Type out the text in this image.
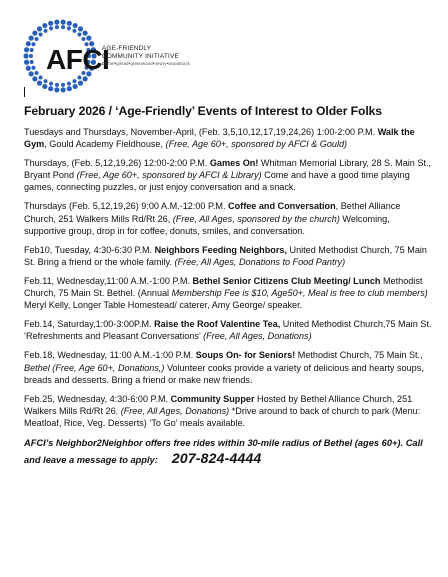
AFCI
AGE-FRIENDLY
COMMUNITY INITIATIVE
bethel•gilead•greenwood•newry•woodstock
February 2026 / ‘Age-Friendly’ Events of Interest to Older Folks
Tuesdays and Thursdays, November-April, (Feb. 3,5,10,12,17,19,24,26) 1:00-2:00 P.M. Walk the Gym, Gould Academy Fieldhouse, (Free, Age 60+, sponsored by AFCI & Gould)
Thursdays, (Feb. 5,12,19,26) 12:00-2:00 P.M. Games On! Whitman Memorial Library, 28 S. Main St., Bryant Pond (Free, Age 60+, sponsored by AFCI & Library) Come and have a good time playing games, connecting puzzles, or just enjoy conversation and a snack.
Thursdays (Feb. 5,12,19,26) 9:00 A.M.-12:00 P.M. Coffee and Conversation, Bethel Alliance Church, 251 Walkers Mills Rd/Rt 26, (Free, All Ages, sponsored by the church) Welcoming, supportive group, drop in for coffee, donuts, smiles, and conversation.
Feb10, Tuesday, 4:30-6:30 P.M. Neighbors Feeding Neighbors, United Methodist Church, 75 Main St. Bring a friend or the whole family. (Free, All Ages, Donations to Food Pantry)
Feb.11, Wednesday,11:00 A.M.-1:00 P.M. Bethel Senior Citizens Club Meeting/ Lunch Methodist Church, 75 Main St. Bethel. (Annual Membership Fee is $10, Age50+, Meal is free to club members) Meryl Kelly, Longer Table Homestead/ caterer, Amy George/ speaker.
Feb.14, Saturday,1:00-3:00P.M. Raise the Roof Valentine Tea, United Methodist Church,75 Main St. ‘Refreshments and Pleasant Conversations’ (Free, All Ages, Donations)
Feb.18, Wednesday, 11:00 A.M.-1:00 P.M. Soups On- for Seniors! Methodist Church, 75 Main St., Bethel (Free, Age 60+, Donations,) Volunteer cooks provide a variety of delicious and hearty soups, breads and desserts. Bring a friend or make new friends.
Feb.25, Wednesday, 4:30-6:00 P.M. Community Supper Hosted by Bethel Alliance Church, 251 Walkers Mills Rd/Rt 26. (Free, All Ages, Donations) *Drive around to back of church to park (Menu: Meatloaf, Rice, Veg. Desserts) ‘To Go’ meals available.
AFCI’s Neighbor2Neighbor offers free rides within 30-mile radius of Bethel (ages 60+). Call and leave a message to apply: 207-824-4444
